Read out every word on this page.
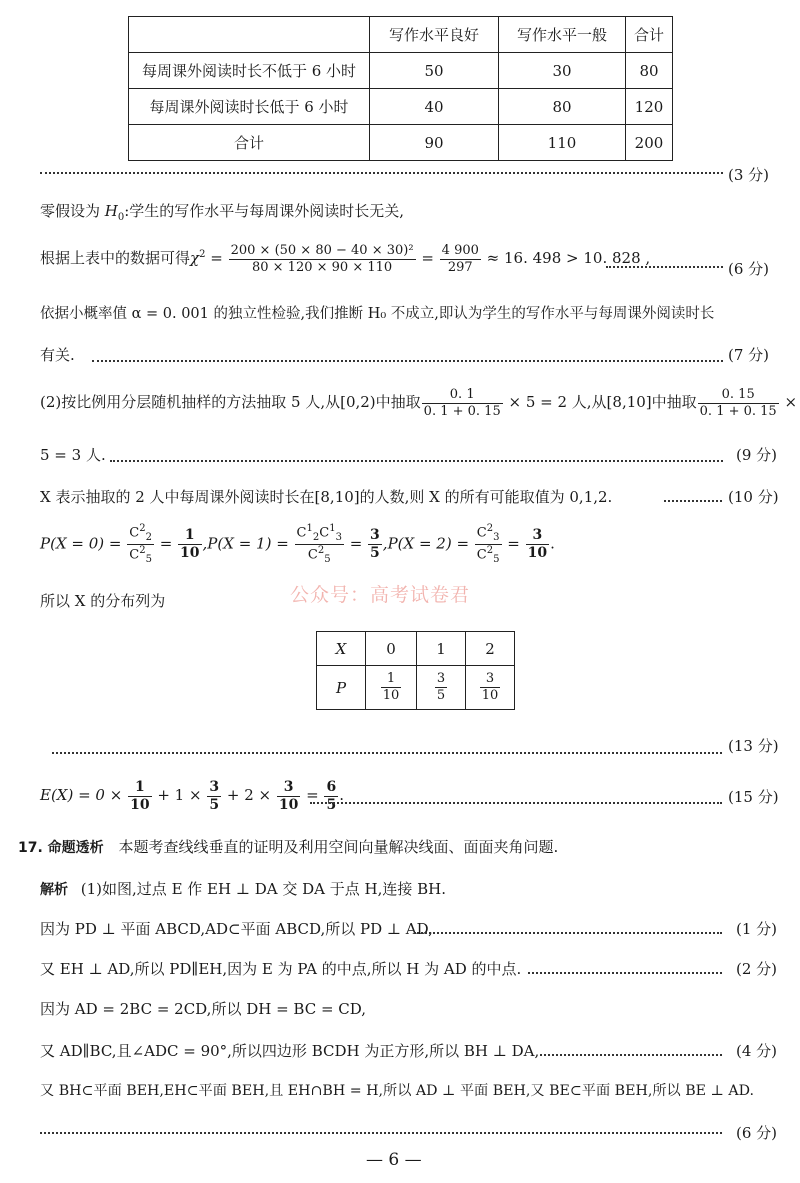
	写作水平良好	写作水平一般	合计
每周课外阅读时长不低于 6 小时	50	30	80
每周课外阅读时长低于 6 小时	40	80	120
合计	90	110	200
(3 分)
零假设为 $H_0$:学生的写作水平与每周课外阅读时长无关,
根据上表中的数据可得$\chi^2 = \frac{\text{200 × (50 × 80 − 40 × 30)²}}{80 \times 120 \times 90 \times 110} = \frac{4 900}{297} \approx 16$. 498 > 10. 828 ,
(6 分)
依据小概率值 α = 0. 001 的独立性检验,我们推断 H₀ 不成立,即认为学生的写作水平与每周课外阅读时长
有关.	(7 分)
(2)按比例用分层随机抽样的方法抽取 5 人,从[0,2)中抽取 $\frac{0. 1}{0. 1 + 0. 15} \times 5 = 2$ 人,从[8,10]中抽取 $\frac{0. 15}{0. 1 + 0. 15}$ ×
5 = 3 人.	(9 分)
X 表示抽取的 2 人中每周课外阅读时长在[8,10]的人数,则 X 的所有可能取值为 0,1,2.	(10 分)
$P(X = 0) = \frac{C^2_2}{C^2_5} = \frac{1}{10} ,P(X = 1) = \frac{C^1_2C^1_3}{C^2_5} = \frac{3}{5} ,P(X = 2) = \frac{C^2_3}{C^2_5} = \frac{3}{10}$ .
所以 X 的分布列为	公众号：高考试卷君
X	0	1	2
P	$\frac{1}{10}$	$\frac{3}{5}$	$\frac{3}{10}$
(13 分)
$E(X) = 0 \times \frac{1}{10} + 1 \times \frac{3}{5} + 2 \times \frac{3}{10} = \frac{6}{5}$ .	(15 分)
17. 命题透析 本题考查线线垂直的证明及利用空间向量解决线面、面面夹角问题.
解析 (1)如图,过点 E 作 EH ⊥ DA 交 DA 于点 H,连接 BH.
因为 PD ⊥ 平面 ABCD,AD⊂平面 ABCD,所以 PD ⊥ AD,	(1 分)
又 EH ⊥ AD,所以 PD∥EH,因为 E 为 PA 的中点,所以 H 为 AD 的中点.	(2 分)
因为 AD = 2BC = 2CD,所以 DH = BC = CD,
又 AD∥BC,且∠ADC = 90°,所以四边形 BCDH 为正方形,所以 BH ⊥ DA,	(4 分)
又 BH⊂平面 BEH,EH⊂平面 BEH,且 EH∩BH = H,所以 AD ⊥ 平面 BEH,又 BE⊂平面 BEH,所以 BE ⊥ AD.
(6 分)
— 6 —
